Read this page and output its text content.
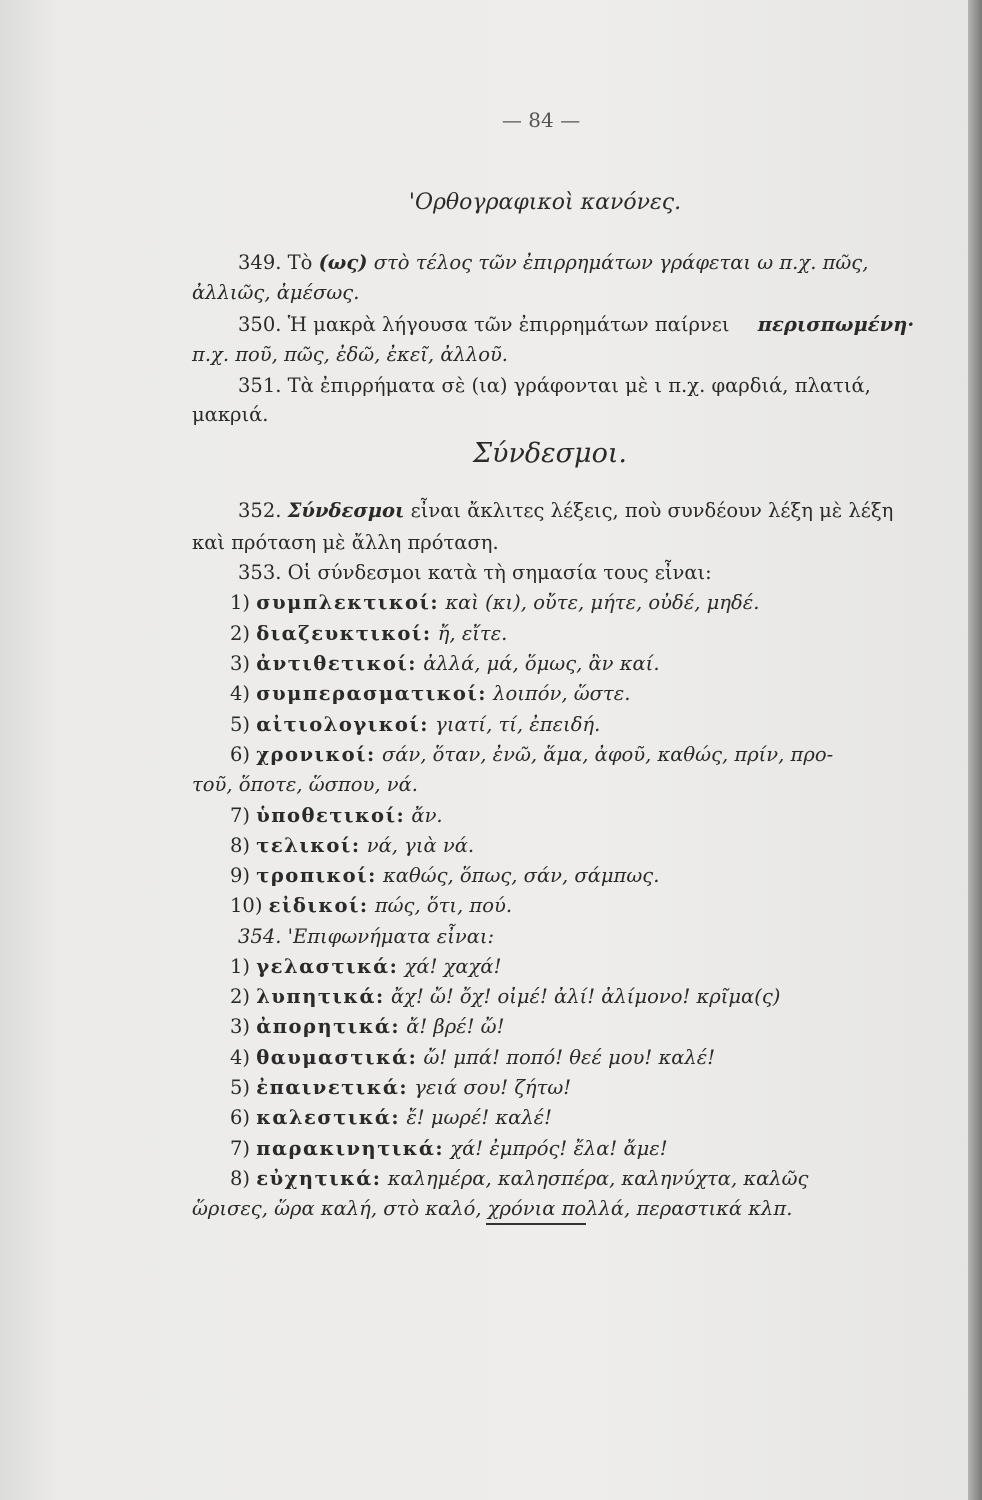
— 84 —
'Ορθογραφικοὶ κανόνες.
349. Τὸ (ως) στὸ τέλος τῶν ἐπιρρημάτων γράφεται ω π.χ. πῶς,
ἀλλιῶς, ἀμέσως.
350. Ἡ μακρὰ λήγουσα τῶν ἐπιρρημάτων παίρνει περισπωμένη·
π.χ. ποῦ, πῶς, ἐδῶ, ἐκεῖ, ἀλλοῦ.
351. Τὰ ἐπιρρήματα σὲ (ια) γράφονται μὲ ι π.χ. φαρδιά, πλατιά,
μακριά.
Σύνδεσμοι.
352. Σύνδεσμοι εἶναι ἄκλιτες λέξεις, ποὺ συνδέουν λέξη μὲ λέξη
καὶ πρόταση μὲ ἄλλη πρόταση.
353. Οἱ σύνδεσμοι κατὰ τὴ σημασία τους εἶναι:
1) συμπλεκτικοί: καὶ (κι), οὔτε, μήτε, οὐδέ, μηδέ.
2) διαζευκτικοί: ἤ, εἴτε.
3) ἀντιθετικοί: ἀλλά, μά, ὅμως, ἂν καί.
4) συμπερασματικοί: λοιπόν, ὥστε.
5) αἰτιολογικοί: γιατί, τί, ἐπειδή.
6) χρονικοί: σάν, ὅταν, ἐνῶ, ἅμα, ἀφοῦ, καθώς, πρίν, προ-
τοῦ, ὅποτε, ὥσπου, νά.
7) ὑποθετικοί: ἄν.
8) τελικοί: νά, γιὰ νά.
9) τροπικοί: καθώς, ὅπως, σάν, σάμπως.
10) εἰδικοί: πώς, ὅτι, πού.
354. 'Επιφωνήματα εἶναι:
1) γελαστικά: χά! χαχά!
2) λυπητικά: ἄχ! ὤ! ὄχ! οἰμέ! ἀλί! ἀλίμονο! κρῖμα(ς)
3) ἀπορητικά: ἄ! βρέ! ὤ!
4) θαυμαστικά: ὤ! μπά! ποπό! θεέ μου! καλέ!
5) ἐπαινετικά: γειά σου! ζήτω!
6) καλεστικά: ἔ! μωρέ! καλέ!
7) παρακινητικά: χά! ἐμπρός! ἔλα! ἄμε!
8) εὐχητικά: καλημέρα, καλησπέρα, καληνύχτα, καλῶς
ὥρισες, ὥρα καλή, στὸ καλό, χρόνια πολλά, περαστικά κλπ.
